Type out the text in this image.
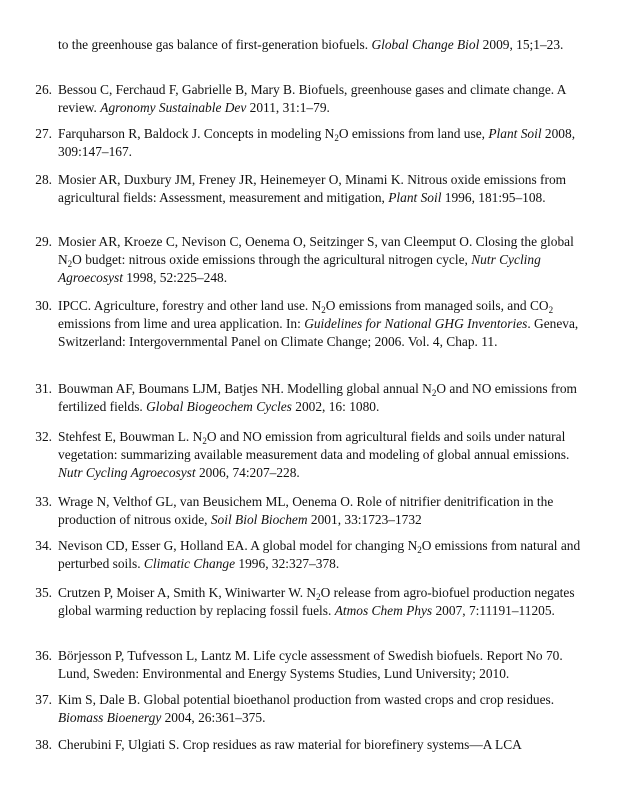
to the greenhouse gas balance of first-generation biofuels. Global Change Biol 2009, 15;1–23.
26. Bessou C, Ferchaud F, Gabrielle B, Mary B. Biofuels, greenhouse gases and climate change. A review. Agronomy Sustainable Dev 2011, 31:1–79.
27. Farquharson R, Baldock J. Concepts in modeling $N_2O$ emissions from land use, Plant Soil 2008, 309:147–167.
28. Mosier AR, Duxbury JM, Freney JR, Heinemeyer O, Minami K. Nitrous oxide emissions from agricultural fields: Assessment, measurement and mitigation, Plant Soil 1996, 181:95–108.
29. Mosier AR, Kroeze C, Nevison C, Oenema O, Seitzinger S, van Cleemput O. Closing the global $N_2O$ budget: nitrous oxide emissions through the agricultural nitrogen cycle, Nutr Cycling Agroecosyst 1998, 52:225–248.
30. IPCC. Agriculture, forestry and other land use. $N_2O$ emissions from managed soils, and $CO_2$ emissions from lime and urea application. In: Guidelines for National GHG Inventories. Geneva, Switzerland: Intergovernmental Panel on Climate Change; 2006. Vol. 4, Chap. 11.
31. Bouwman AF, Boumans LJM, Batjes NH. Modelling global annual $N_2O$ and NO emissions from fertilized fields. Global Biogeochem Cycles 2002, 16: 1080.
32. Stehfest E, Bouwman L. $N_2O$ and NO emission from agricultural fields and soils under natural vegetation: summarizing available measurement data and modeling of global annual emissions. Nutr Cycling Agroecosyst 2006, 74:207–228.
33. Wrage N, Velthof GL, van Beusichem ML, Oenema O. Role of nitrifier denitrification in the production of nitrous oxide, Soil Biol Biochem 2001, 33:1723–1732
34. Nevison CD, Esser G, Holland EA. A global model for changing $N_2O$ emissions from natural and perturbed soils. Climatic Change 1996, 32:327–378.
35. Crutzen P, Moiser A, Smith K, Winiwarter W. $N_2O$ release from agro-biofuel production negates global warming reduction by replacing fossil fuels. Atmos Chem Phys 2007, 7:11191–11205.
36. Börjesson P, Tufvesson L, Lantz M. Life cycle assessment of Swedish biofuels. Report No 70. Lund, Sweden: Environmental and Energy Systems Studies, Lund University; 2010.
37. Kim S, Dale B. Global potential bioethanol production from wasted crops and crop residues. Biomass Bioenergy 2004, 26:361–375.
38. Cherubini F, Ulgiati S. Crop residues as raw material for biorefinery systems—A LCA
